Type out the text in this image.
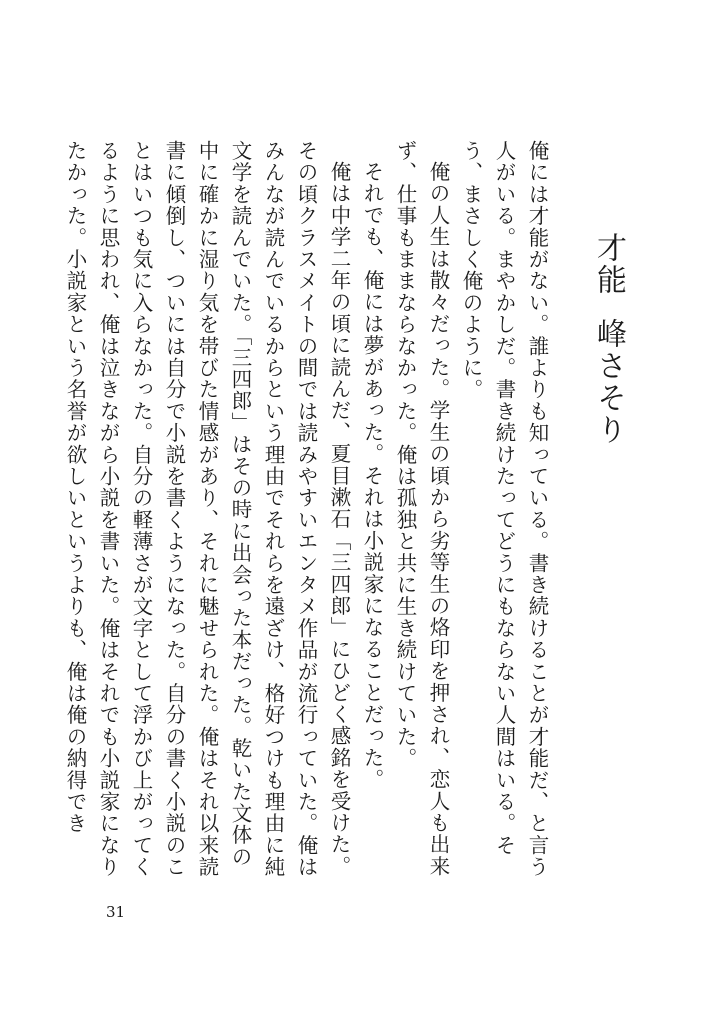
才能
峰さそり

俺には才能がない。誰よりも知っている。書き続けることが才能だ、と言う人がいる。まやかしだ。書き続けたってどうにもならない人間はいる。そう、まさしく俺のように。

俺の人生は散々だった。学生の頃から劣等生の烙印を押され、恋人も出来ず、仕事もままならなかった。俺は孤独と共に生き続けていた。

それでも、俺には夢があった。それは小説家になることだった。

俺は中学二年の頃に読んだ、夏目漱石「三四郎」にひどく感銘を受けた。その頃クラスメイトの間では読みやすいエンタメ作品が流行っていた。俺はみんなが読んでいるからという理由でそれらを遠ざけ、格好つけも理由に純文学を読んでいた。「三四郎」はその時に出会った本だった。乾いた文体の中に確かに湿り気を帯びた情感があり、それに魅せられた。俺はそれ以来読書に傾倒し、ついには自分で小説を書くようになった。自分の書く小説のことはいつも気に入らなかった。自分の軽薄さが文字として浮かび上がってくるように思われ、俺は泣きながら小説を書いた。俺はそれでも小説家になりたかった。小説家という名誉が欲しいというよりも、俺は俺の納得でき

31
